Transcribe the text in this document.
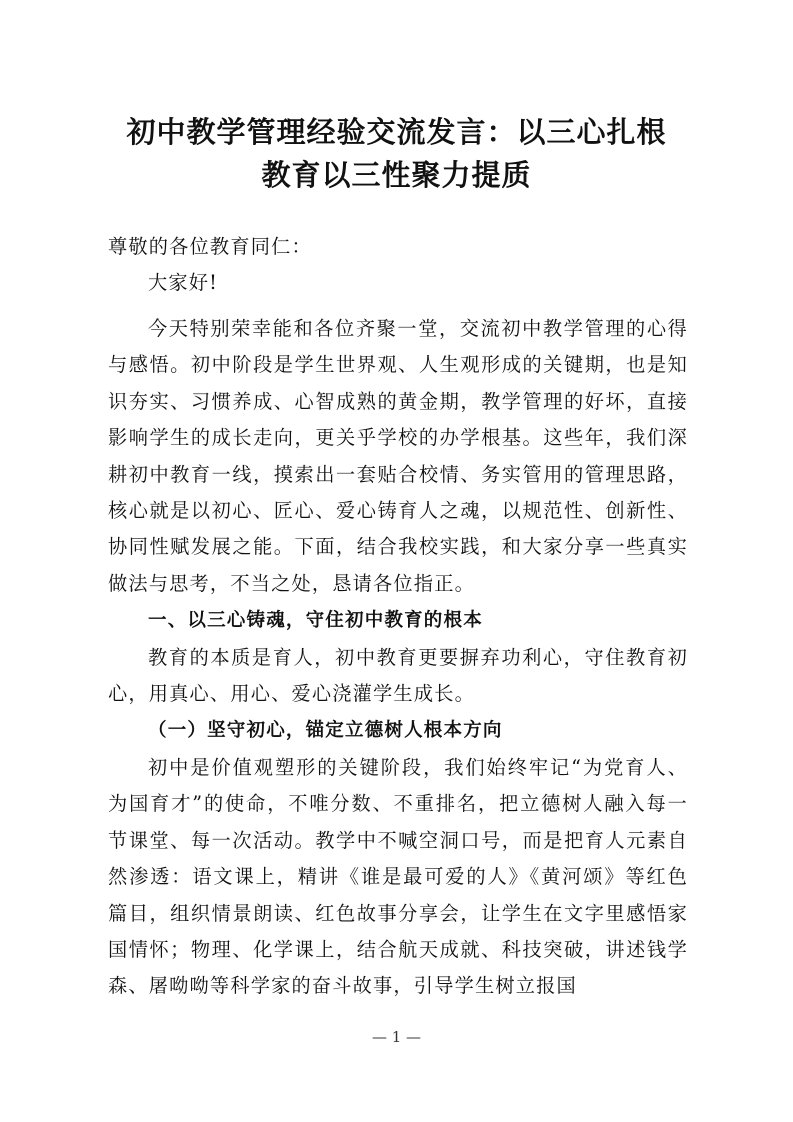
初中教学管理经验交流发言：以三心扎根
教育以三性聚力提质
尊敬的各位教育同仁：
大家好!
今天特别荣幸能和各位齐聚一堂，交流初中教学管理的心得与感悟。初中阶段是学生世界观、人生观形成的关键期，也是知识夯实、习惯养成、心智成熟的黄金期，教学管理的好坏，直接影响学生的成长走向，更关乎学校的办学根基。这些年，我们深耕初中教育一线，摸索出一套贴合校情、务实管用的管理思路，核心就是以初心、匠心、爱心铸育人之魂，以规范性、创新性、协同性赋发展之能。下面，结合我校实践，和大家分享一些真实做法与思考，不当之处，恳请各位指正。
一、以三心铸魂，守住初中教育的根本
教育的本质是育人，初中教育更要摒弃功利心，守住教育初心，用真心、用心、爱心浇灌学生成长。
（一）坚守初心，锚定立德树人根本方向
初中是价值观塑形的关键阶段，我们始终牢记“为党育人、为国育才”的使命，不唯分数、不重排名，把立德树人融入每一节课堂、每一次活动。教学中不喊空洞口号，而是把育人元素自然渗透：语文课上，精讲《谁是最可爱的人》《黄河颂》等红色篇目，组织情景朗读、红色故事分享会，让学生在文字里感悟家国情怀；物理、化学课上，结合航天成就、科技突破，讲述钱学森、屠呦呦等科学家的奋斗故事，引导学生树立报国
— 1 —
